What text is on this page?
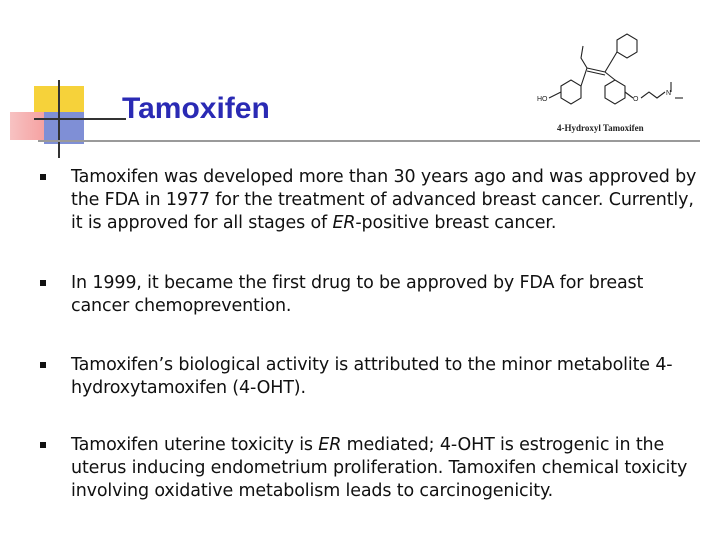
Tamoxifen	HO	O
N
4-Hydroxyl Tamoxifen
Tamoxifen was developed more than 30 years ago and was approved by the FDA in 1977 for the treatment of advanced breast cancer. Currently, it is approved for all stages of ER-positive breast cancer.
In 1999, it became the first drug to be approved by FDA for breast cancer chemoprevention.
Tamoxifen’s biological activity is attributed to the minor metabolite 4-hydroxytamoxifen (4-OHT).
Tamoxifen uterine toxicity is ER mediated; 4-OHT is estrogenic in the uterus inducing endometrium proliferation. Tamoxifen chemical toxicity involving oxidative metabolism leads to carcinogenicity.
